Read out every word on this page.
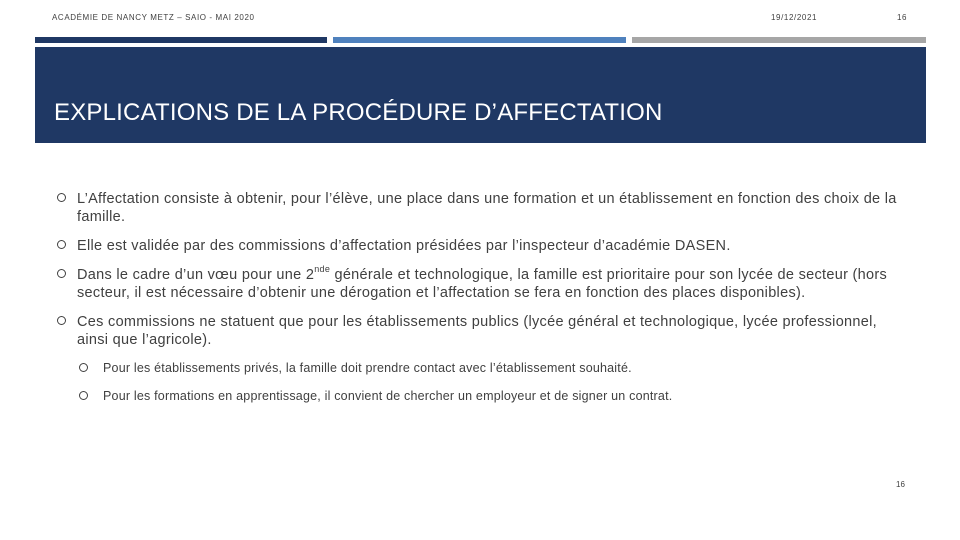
ACADÉMIE DE NANCY METZ – SAIO - MAI 2020	19/12/2021	16
EXPLICATIONS DE LA PROCÉDURE D’AFFECTATION
L’Affectation consiste à obtenir, pour l’élève, une place dans une formation et un établissement en fonction des choix de la famille.
Elle est validée par des commissions d’affectation présidées par l’inspecteur d’académie DASEN.
Dans le cadre d’un vœu pour une 2nde générale et technologique, la famille est prioritaire pour son lycée de secteur (hors secteur, il est nécessaire d’obtenir une dérogation et l’affectation se fera en fonction des places disponibles).
Ces commissions ne statuent que pour les établissements publics (lycée général et technologique, lycée professionnel, ainsi que l’agricole).
Pour les établissements privés, la famille doit prendre contact avec l’établissement souhaité.
Pour les formations en apprentissage, il convient de chercher un employeur et de signer un contrat.
16
